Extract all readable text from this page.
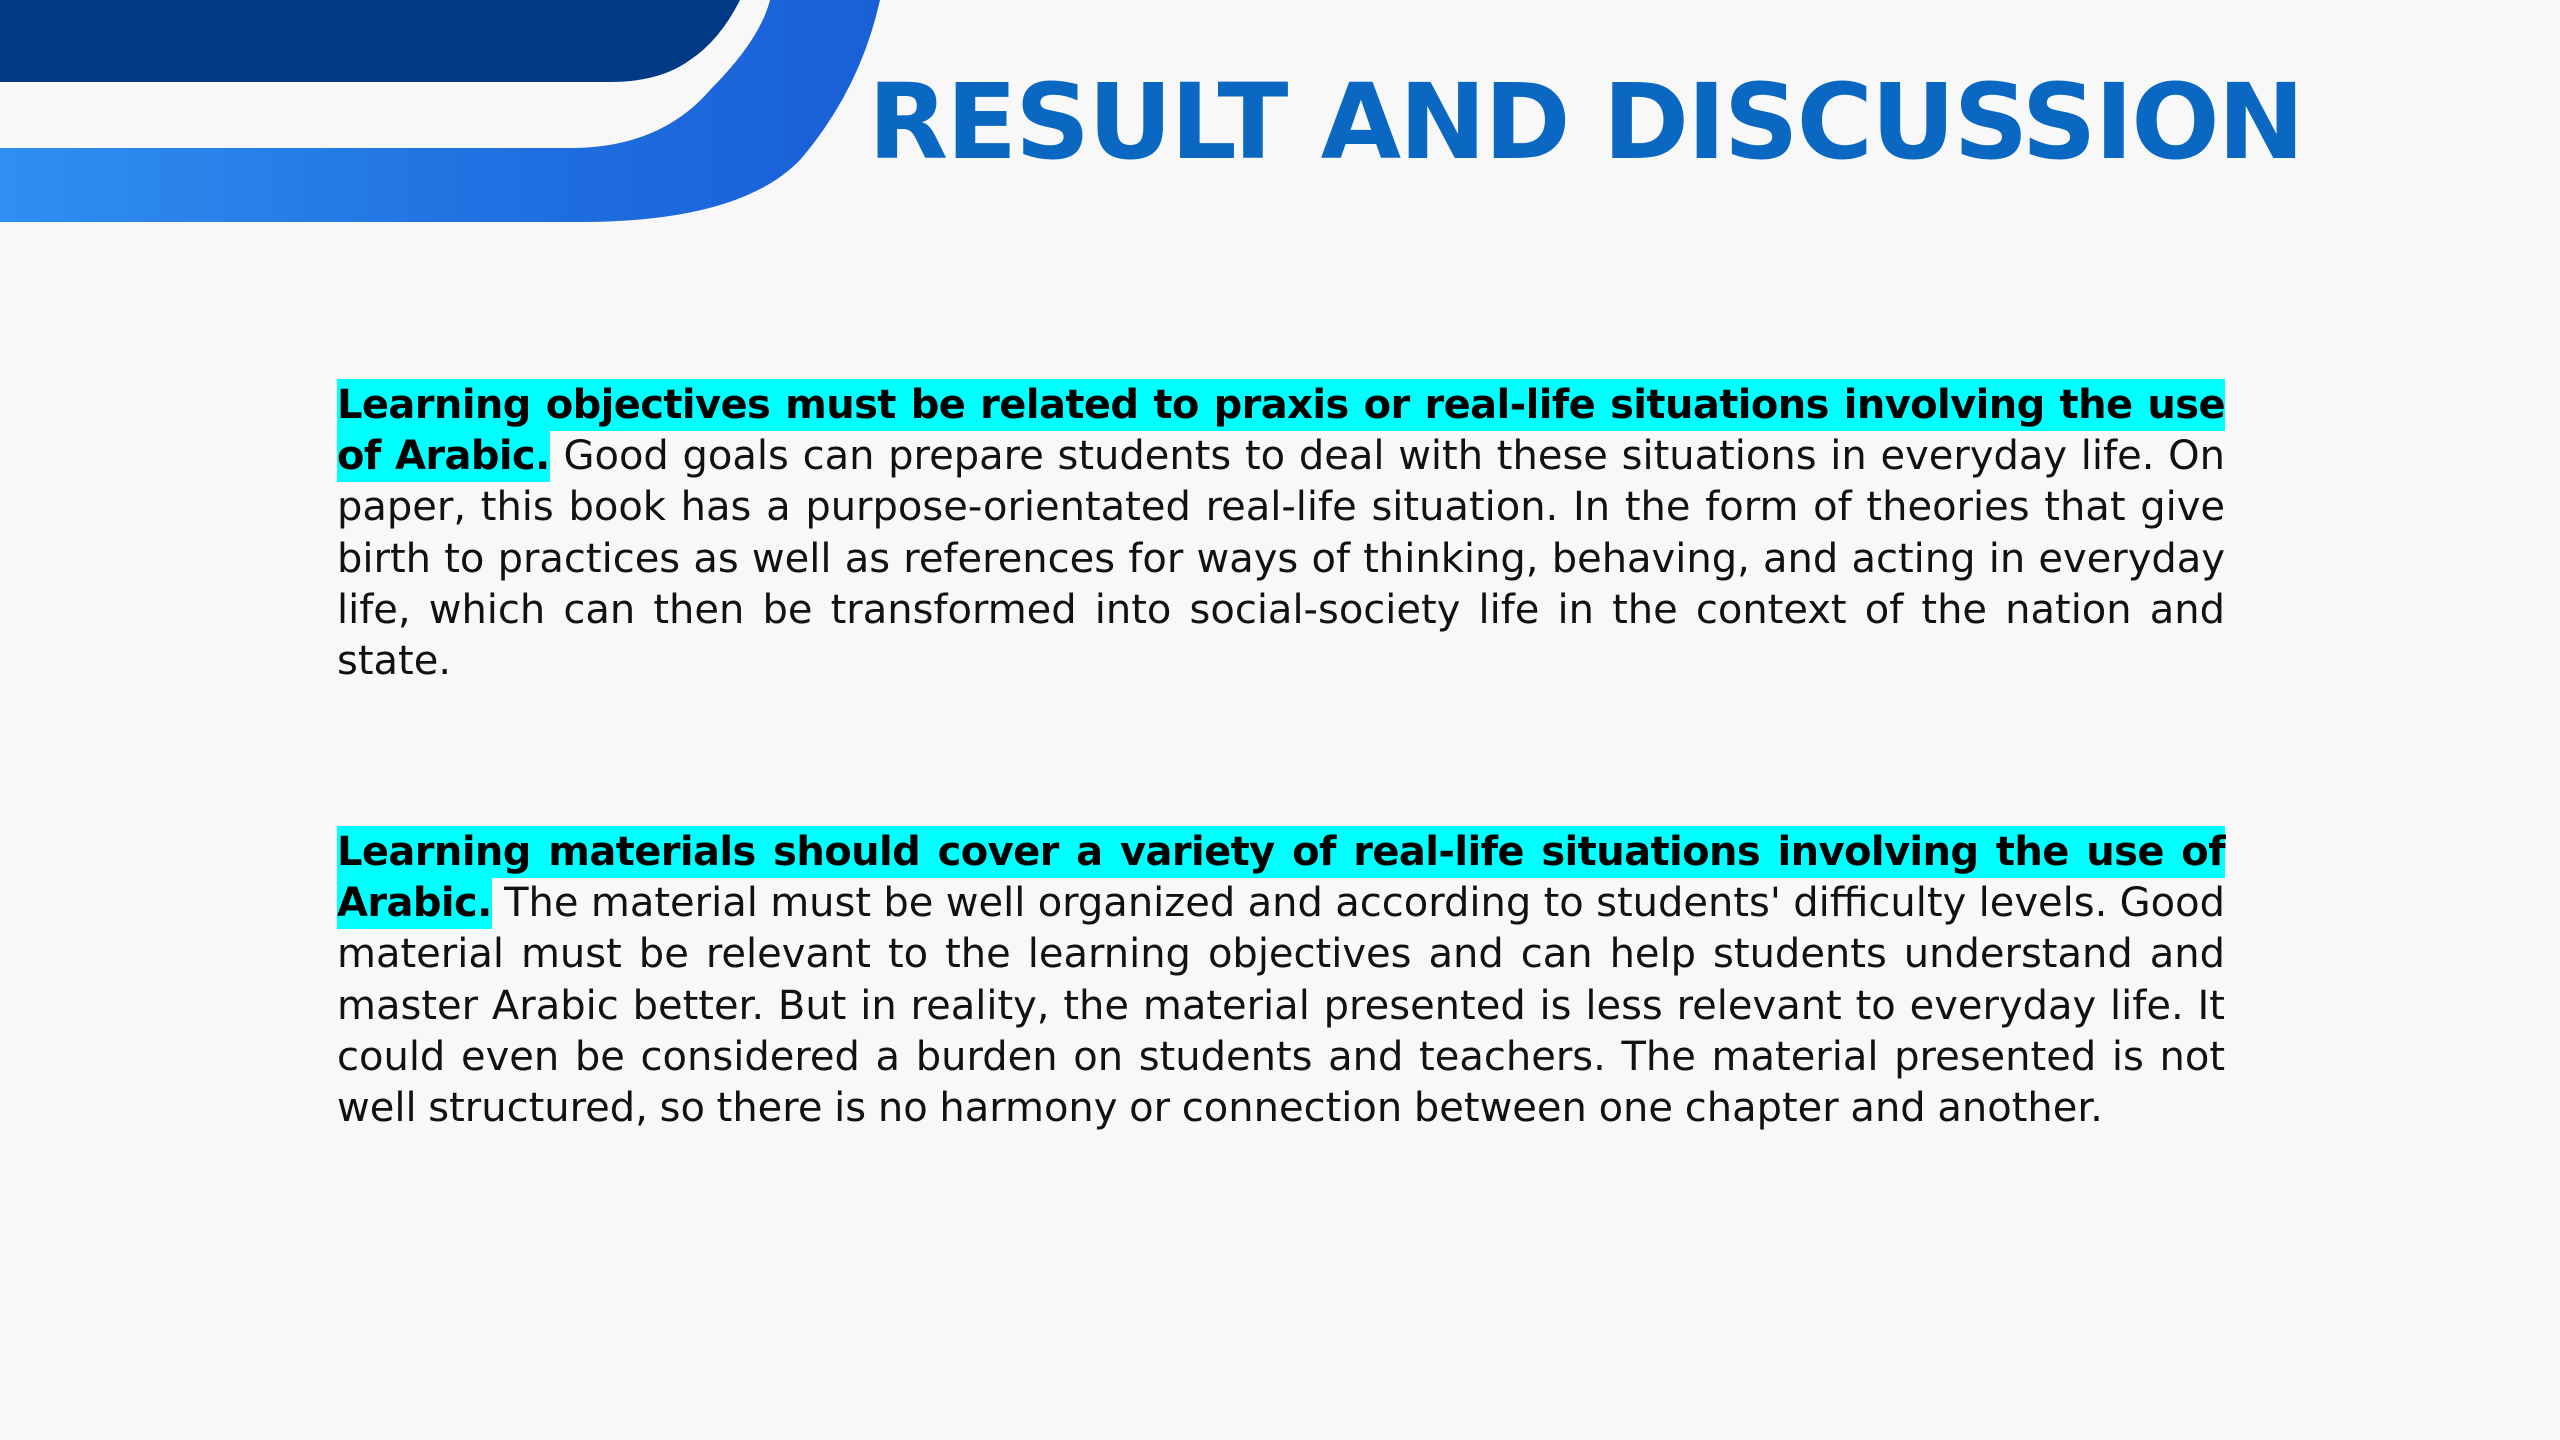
RESULT AND DISCUSSION

Learning objectives must be related to praxis or real-life situations involving the use of Arabic. Good goals can prepare students to deal with these situations in everyday life. On paper, this book has a purpose-orientated real-life situation. In the form of theories that give birth to practices as well as references for ways of thinking, behaving, and acting in everyday life, which can then be transformed into social-society life in the context of the nation and state.

Learning materials should cover a variety of real-life situations involving the use of Arabic. The material must be well organized and according to students' difficulty levels. Good material must be relevant to the learning objectives and can help students understand and master Arabic better. But in reality, the material presented is less relevant to everyday life. It could even be considered a burden on students and teachers. The material presented is not well structured, so there is no harmony or connection between one chapter and another.
